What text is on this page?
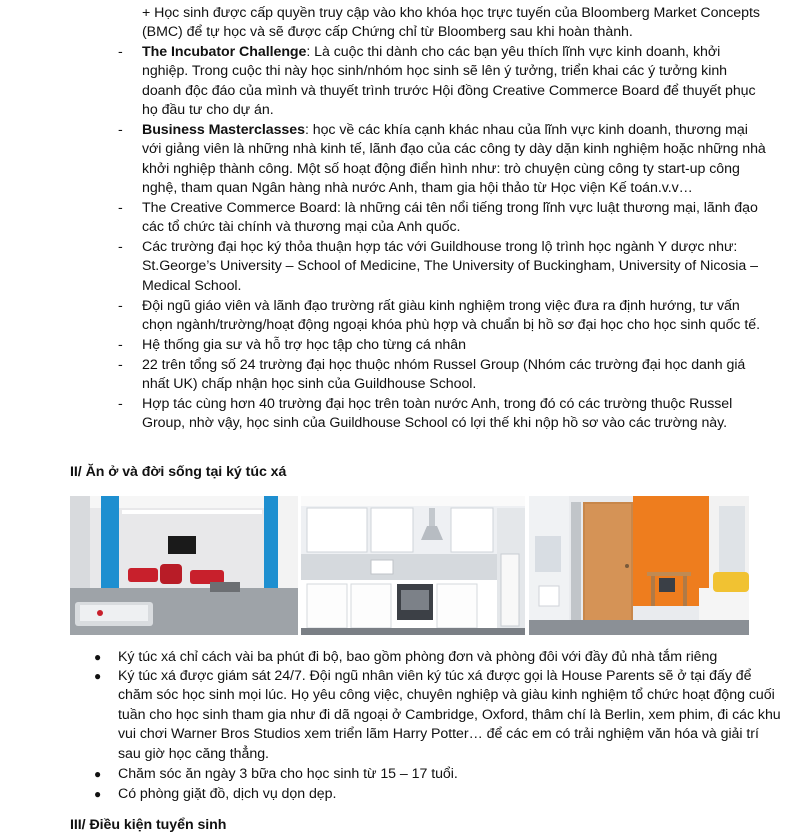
+ Học sinh được cấp quyền truy cập vào kho khóa học trực tuyến của Bloomberg Market Concepts
(BMC) để tự học và sẽ được cấp Chứng chỉ từ Bloomberg sau khi hoàn thành.
- The Incubator Challenge: Là cuộc thi dành cho các bạn yêu thích lĩnh vực kinh doanh, khởi nghiệp. Trong cuộc thi này học sinh/nhóm học sinh sẽ lên ý tưởng, triển khai các ý tưởng kinh doanh độc đáo của mình và thuyết trình trước Hội đồng Creative Commerce Board để thuyết phục họ đầu tư cho dự án.
- Business Masterclasses: học về các khía cạnh khác nhau của lĩnh vực kinh doanh, thương mại với giảng viên là những nhà kinh tế, lãnh đạo của các công ty dày dặn kinh nghiệm hoặc những nhà khởi nghiệp thành công. Một số hoạt động điển hình như: trò chuyện cùng công ty start-up công nghệ, tham quan Ngân hàng nhà nước Anh, tham gia hội thảo từ Học viện Kế toán.v.v…
- The Creative Commerce Board: là những cái tên nổi tiếng trong lĩnh vực luật thương mại, lãnh đạo các tổ chức tài chính và thương mại của Anh quốc.
- Các trường đại học ký thỏa thuận hợp tác với Guildhouse trong lộ trình học ngành Y dược như: St.George’s University – School of Medicine, The University of Buckingham, University of Nicosia – Medical School.
- Đội ngũ giáo viên và lãnh đạo trường rất giàu kinh nghiệm trong việc đưa ra định hướng, tư vấn chọn ngành/trường/hoạt động ngoại khóa phù hợp và chuẩn bị hồ sơ đại học cho học sinh quốc tế.
- Hệ thống gia sư và hỗ trợ học tập cho từng cá nhân
- 22 trên tổng số 24 trường đại học thuộc nhóm Russel Group (Nhóm các trường đại học danh giá nhất UK) chấp nhận học sinh của Guildhouse School.
- Hợp tác cùng hơn 40 trường đại học trên toàn nước Anh, trong đó có các trường thuộc Russel Group, nhờ vậy, học sinh của Guildhouse School có lợi thế khi nộp hồ sơ vào các trường này.
II/ Ăn ở và đời sống tại ký túc xá
● Ký túc xá chỉ cách vài ba phút đi bộ, bao gồm phòng đơn và phòng đôi với đầy đủ nhà tắm riêng
● Ký túc xá được giám sát 24/7. Đội ngũ nhân viên ký túc xá được gọi là House Parents sẽ ở tại đấy để chăm sóc học sinh mọi lúc. Họ yêu công việc, chuyên nghiệp và giàu kinh nghiệm tổ chức hoạt động cuối tuần cho học sinh tham gia như đi dã ngoại ở Cambridge, Oxford, thâm chí là Berlin, xem phim, đi các khu vui chơi Warner Bros Studios xem triển lãm Harry Potter… để các em có trải nghiệm văn hóa và giải trí sau giờ học căng thẳng.
● Chăm sóc ăn ngày 3 bữa cho học sinh từ 15 – 17 tuổi.
● Có phòng giặt đồ, dịch vụ dọn dẹp.
III/ Điều kiện tuyển sinh
